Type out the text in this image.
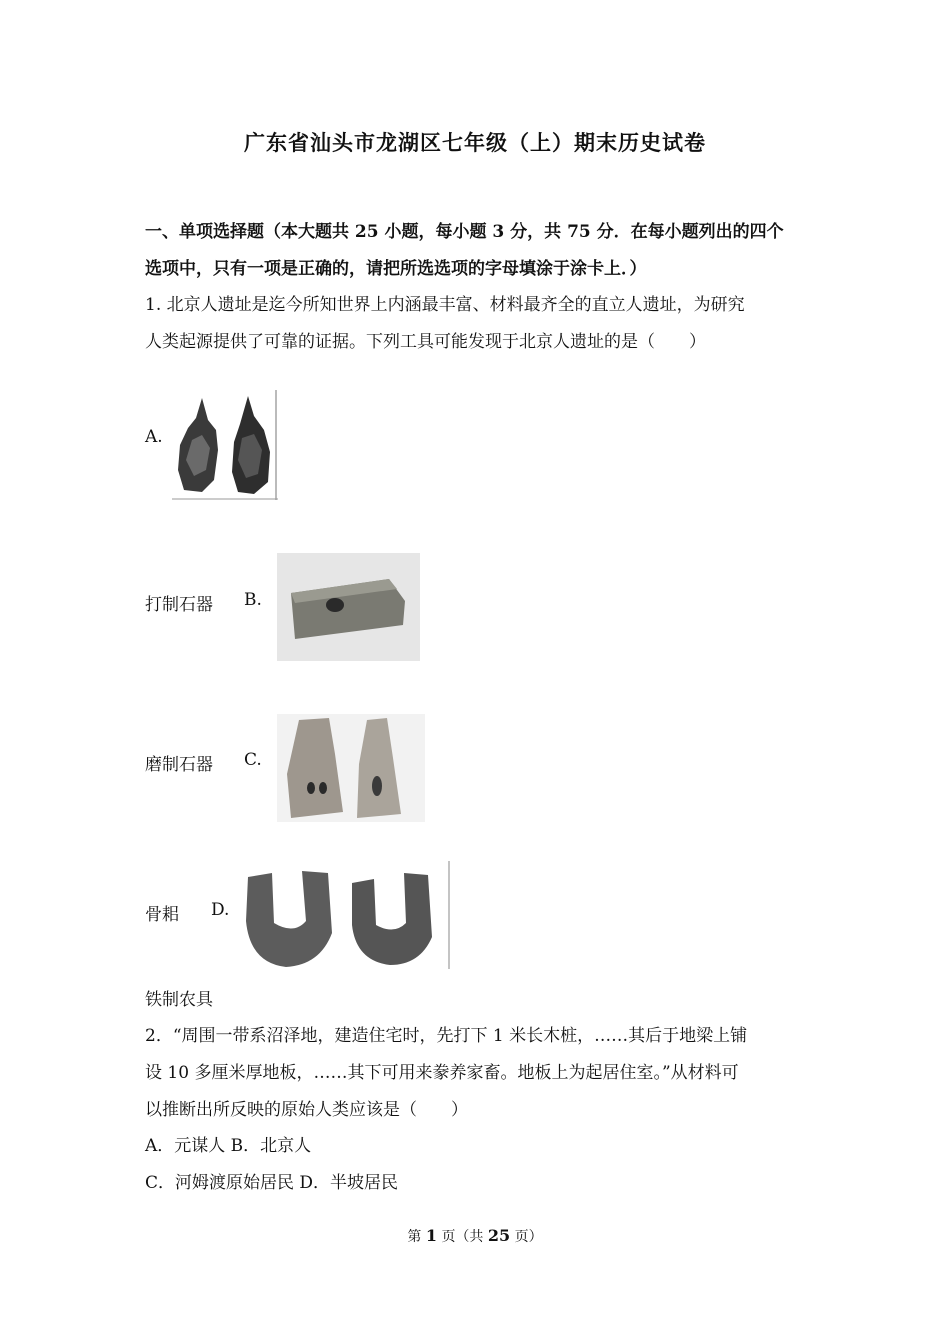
广东省汕头市龙湖区七年级（上）期末历史试卷
一、单项选择题（本大题共 25 小题，每小题 3 分，共 75 分．在每小题列出的四个
选项中，只有一项是正确的，请把所选选项的字母填涂于涂卡上．）
1. 北京人遗址是迄今所知世界上内涵最丰富、材料最齐全的直立人遗址，为研究
人类起源提供了可靠的证据。下列工具可能发现于北京人遗址的是（　　）
A.
打制石器 B.
磨制石器 C.
骨耜 D.
铁制农具
2．“周围一带系沼泽地，建造住宅时，先打下 1 米长木桩，……其后于地梁上铺
设 10 多厘米厚地板，……其下可用来豢养家畜。地板上为起居住室。”从材料可
以推断出所反映的原始人类应该是（　　）
A．元谋人 B．北京人
C．河姆渡原始居民 D．半坡居民
第 1 页（共 25 页）
